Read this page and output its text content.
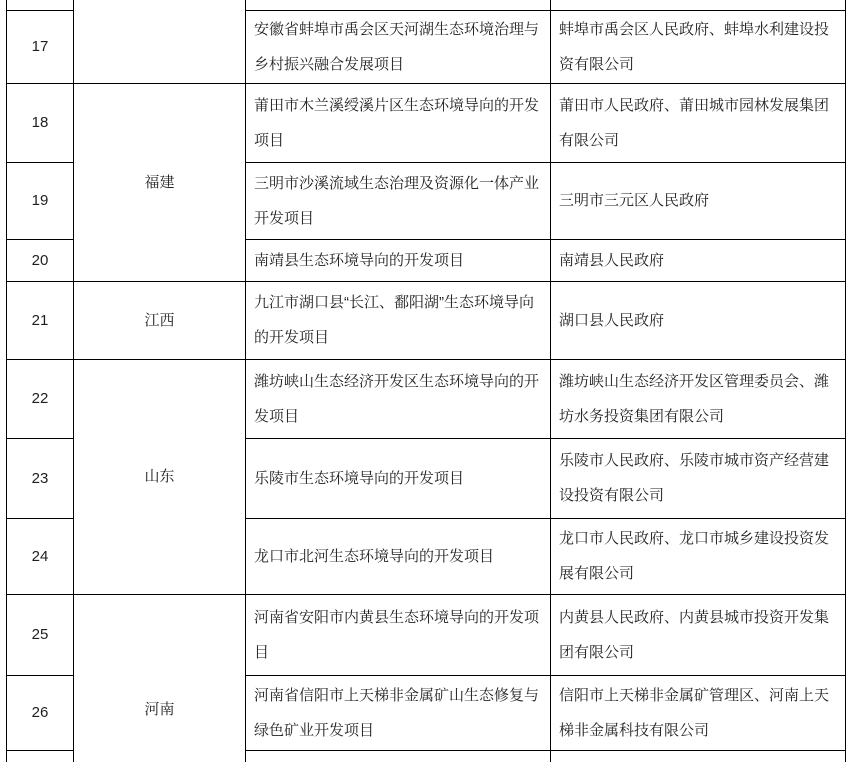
17		安徽省蚌埠市禹会区天河湖生态环境治理与乡村振兴融合发展项目	蚌埠市禹会区人民政府、蚌埠水利建设投资有限公司
18	福建	莆田市木兰溪绶溪片区生态环境导向的开发项目	莆田市人民政府、莆田城市园林发展集团有限公司
19		三明市沙溪流域生态治理及资源化一体产业开发项目	三明市三元区人民政府
20		南靖县生态环境导向的开发项目	南靖县人民政府
21	江西	九江市湖口县“长江、鄱阳湖”生态环境导向的开发项目	湖口县人民政府
22	山东	潍坊峡山生态经济开发区生态环境导向的开发项目	潍坊峡山生态经济开发区管理委员会、潍坊水务投资集团有限公司
23		乐陵市生态环境导向的开发项目	乐陵市人民政府、乐陵市城市资产经营建设投资有限公司
24		龙口市北河生态环境导向的开发项目	龙口市人民政府、龙口市城乡建设投资发展有限公司
25	河南	河南省安阳市内黄县生态环境导向的开发项目	内黄县人民政府、内黄县城市投资开发集团有限公司
26		河南省信阳市上天梯非金属矿山生态修复与绿色矿业开发项目	信阳市上天梯非金属矿管理区、河南上天梯非金属科技有限公司
